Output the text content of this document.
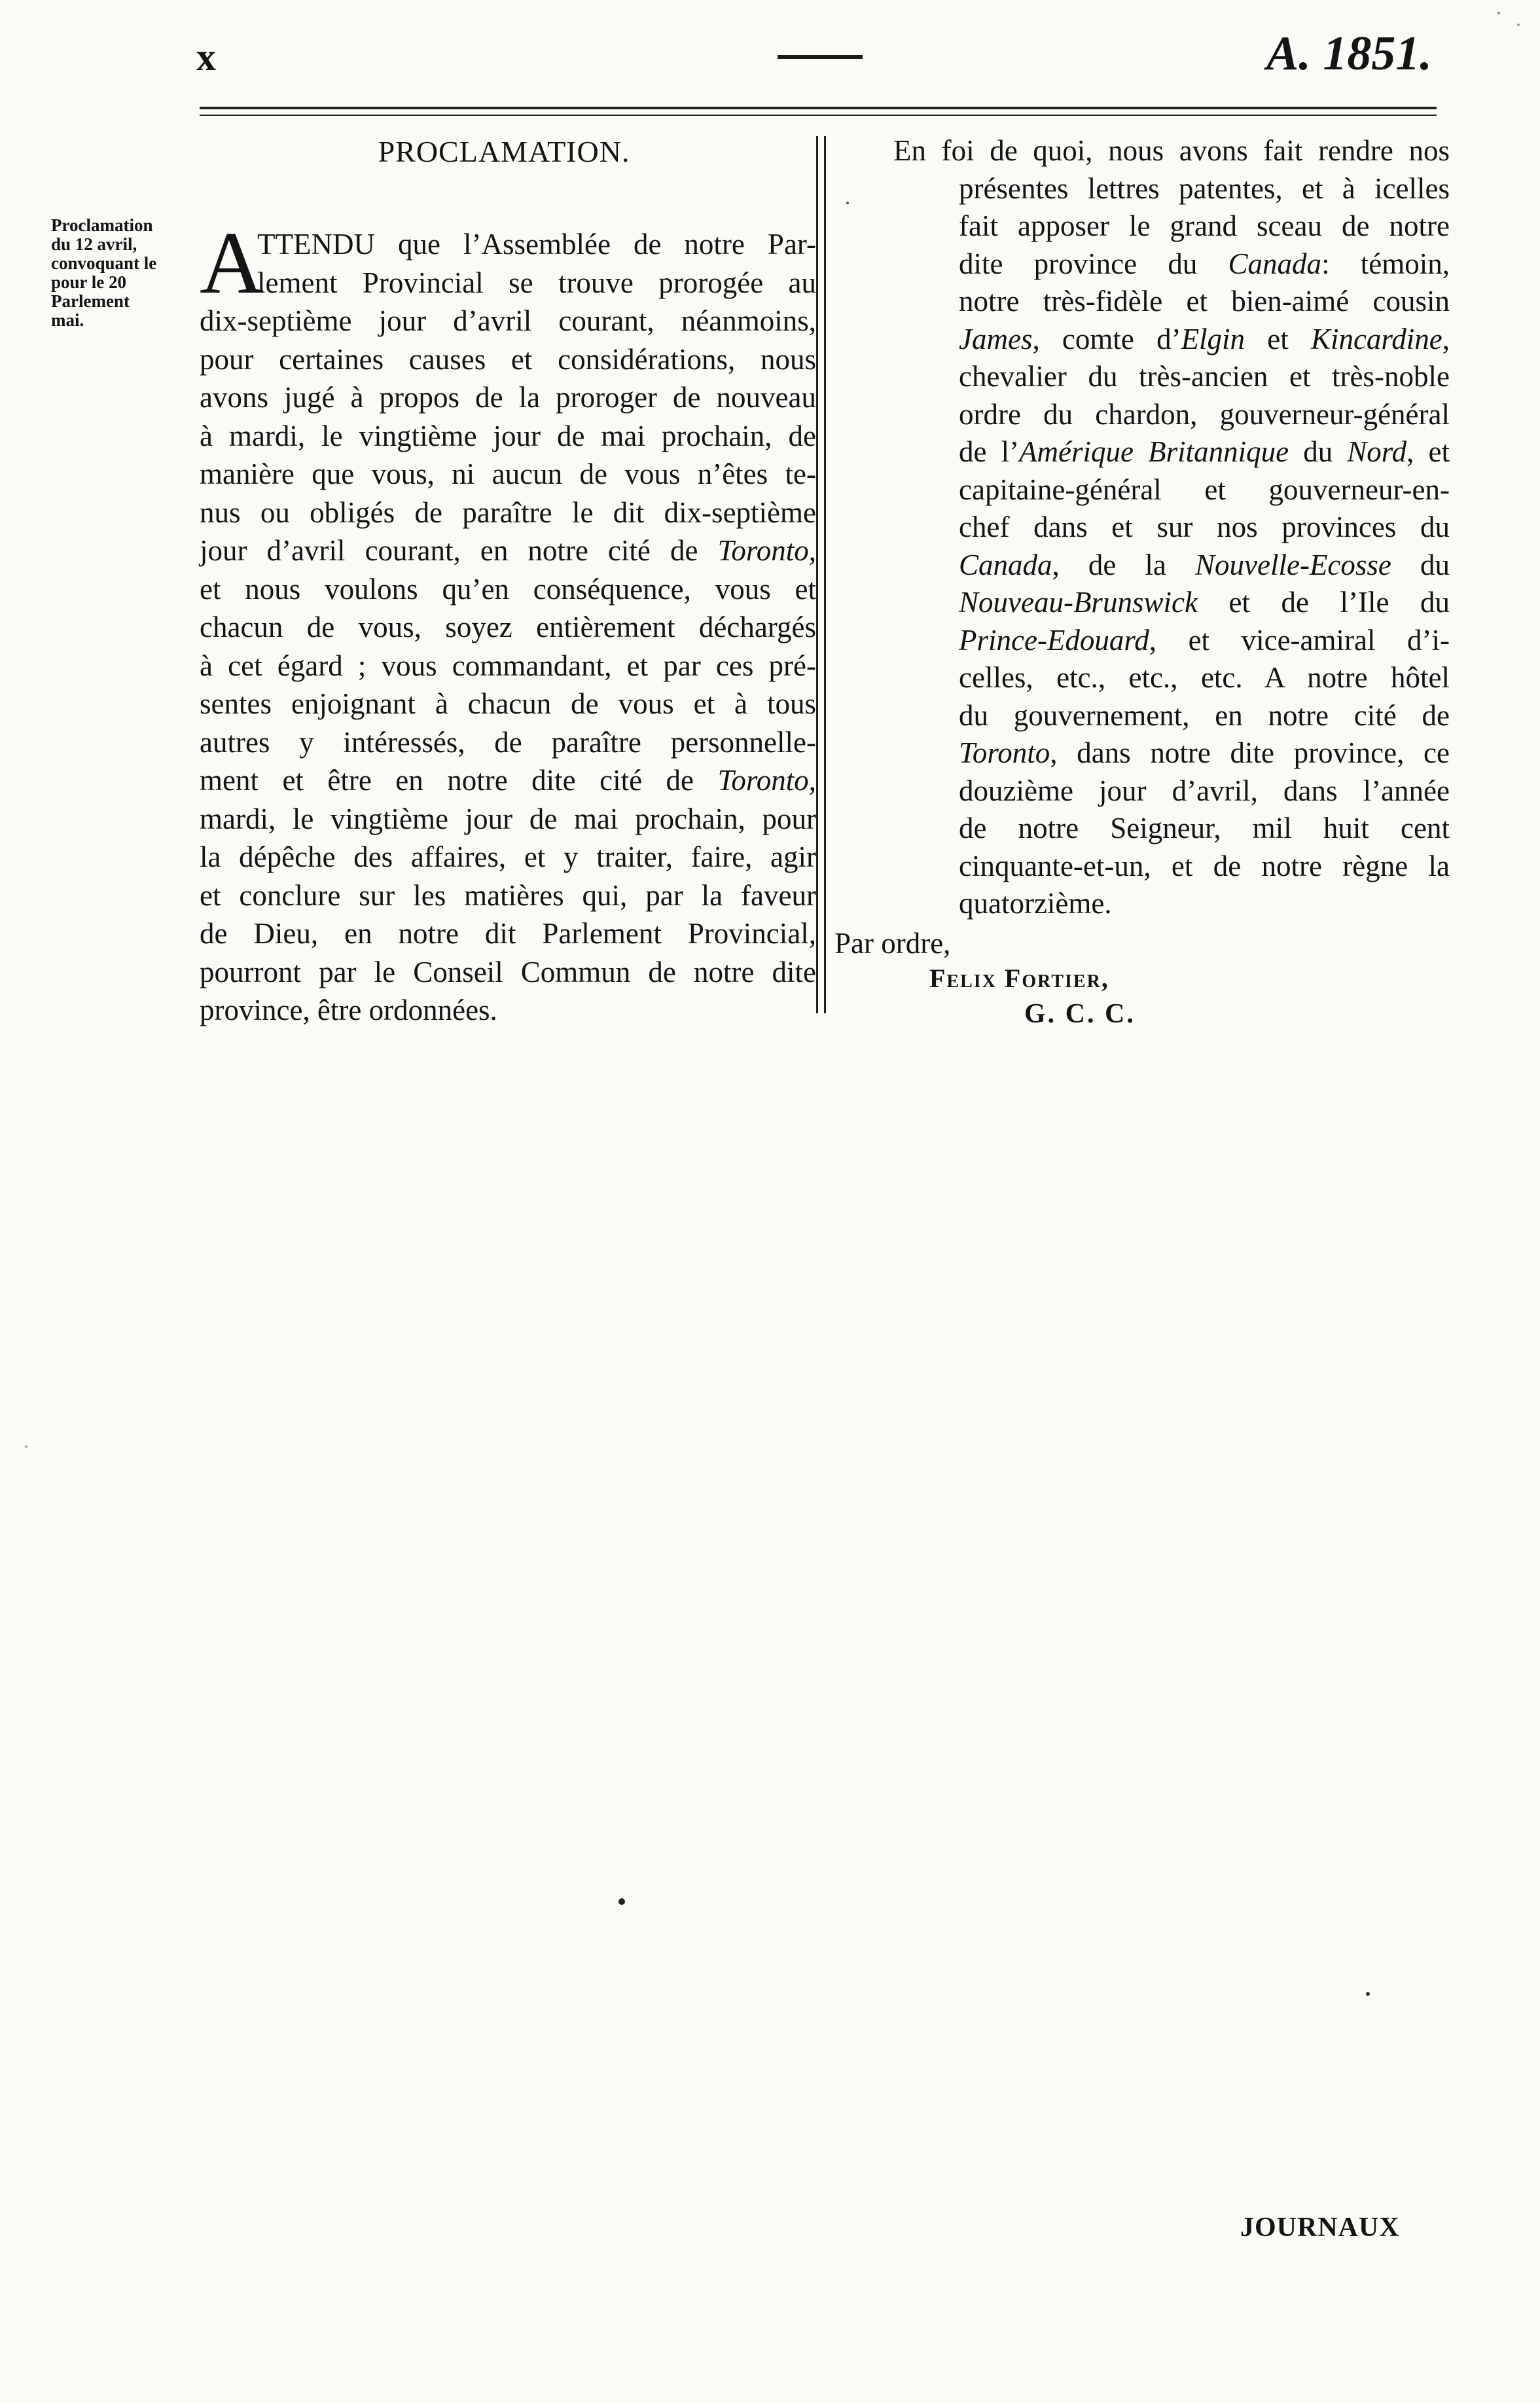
x	A. 1851.
Proclamation
du 12 avril,
convoquant le
pour le 20
Parlement
mai.
PROCLAMATION.
A
TTENDU que l’Assemblée de notre Par-
lement Provincial se trouve prorogée au
dix-septième jour d’avril courant, néanmoins,
pour certaines causes et considérations, nous
avons jugé à propos de la proroger de nouveau
à mardi, le vingtième jour de mai prochain, de
manière que vous, ni aucun de vous n’êtes te-
nus ou obligés de paraître le dit dix-septième
jour d’avril courant, en notre cité de Toronto,
et nous voulons qu’en conséquence, vous et
chacun de vous, soyez entièrement déchargés
à cet égard ; vous commandant, et par ces pré-
sentes enjoignant à chacun de vous et à tous
autres y intéressés, de paraître personnelle-
ment et être en notre dite cité de Toronto,
mardi, le vingtième jour de mai prochain, pour
la dépêche des affaires, et y traiter, faire, agir
et conclure sur les matières qui, par la faveur
de Dieu, en notre dit Parlement Provincial,
pourront par le Conseil Commun de notre dite
province, être ordonnées.
En foi de quoi, nous avons fait rendre nos
présentes lettres patentes, et à icelles
fait apposer le grand sceau de notre
dite province du Canada: témoin,
notre très-fidèle et bien-aimé cousin
James, comte d’Elgin et Kincardine,
chevalier du très-ancien et très-noble
ordre du chardon, gouverneur-général
de l’Amérique Britannique du Nord, et
capitaine-général et gouverneur-en-
chef dans et sur nos provinces du
Canada, de la Nouvelle-Ecosse du
Nouveau-Brunswick et de l’Ile du
Prince-Edouard, et vice-amiral d’i-
celles, etc., etc., etc. A notre hôtel
du gouvernement, en notre cité de
Toronto, dans notre dite province, ce
douzième jour d’avril, dans l’année
de notre Seigneur, mil huit cent
cinquante-et-un, et de notre règne la
quatorzième.
Par ordre,
Felix Fortier,
G. C. C.
JOURNAUX
